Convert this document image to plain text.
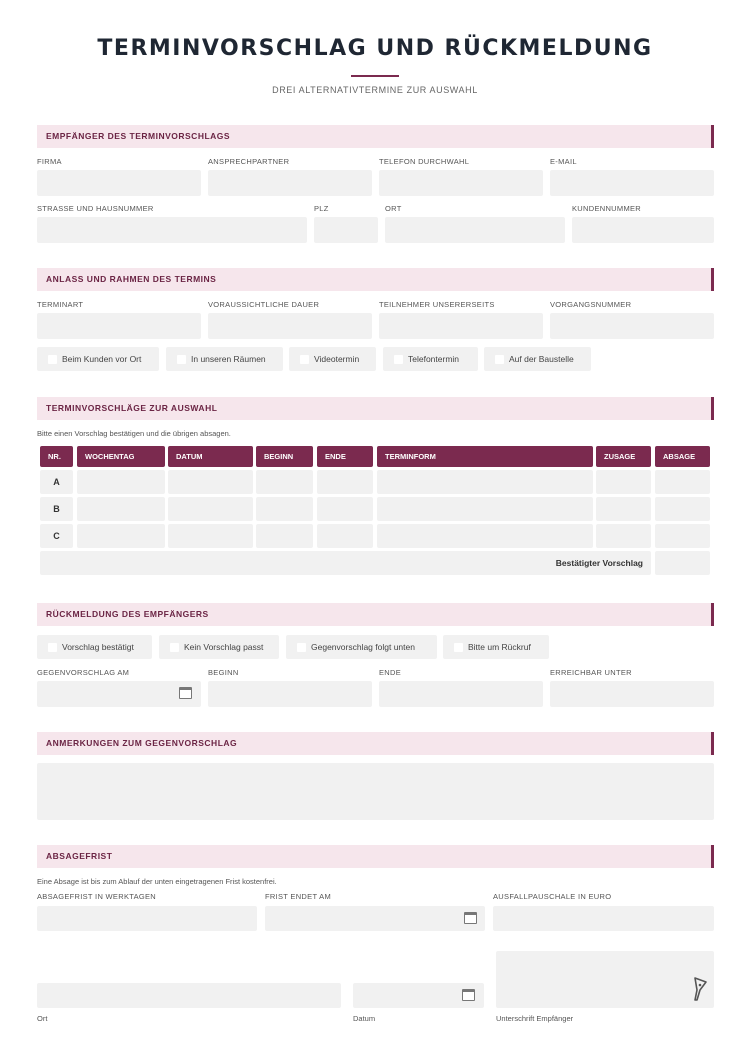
TERMINVORSCHLAG UND RÜCKMELDUNG
DREI ALTERNATIVTERMINE ZUR AUSWAHL
EMPFÄNGER DES TERMINVORSCHLAGS
FIRMA	ANSPRECHPARTNER	TELEFON DURCHWAHL	E-MAIL
STRASSE UND HAUSNUMMER	PLZ	ORT	KUNDENNUMMER
ANLASS UND RAHMEN DES TERMINS
TERMINART	VORAUSSICHTLICHE DAUER	TEILNEHMER UNSERERSEITS	VORGANGSNUMMER
Beim Kunden vor Ort	In unseren Räumen	Videotermin	Telefontermin	Auf der Baustelle
TERMINVORSCHLÄGE ZUR AUSWAHL
Bitte einen Vorschlag bestätigen und die übrigen absagen.
NR.	WOCHENTAG	DATUM	BEGINN	ENDE	TERMINFORM	ZUSAGE	ABSAGE
A
B
C
Bestätigter Vorschlag
RÜCKMELDUNG DES EMPFÄNGERS
Vorschlag bestätigt	Kein Vorschlag passt	Gegenvorschlag folgt unten	Bitte um Rückruf
GEGENVORSCHLAG AM	BEGINN	ENDE	ERREICHBAR UNTER
ANMERKUNGEN ZUM GEGENVORSCHLAG
ABSAGEFRIST
Eine Absage ist bis zum Ablauf der unten eingetragenen Frist kostenfrei.
ABSAGEFRIST IN WERKTAGEN	FRIST ENDET AM	AUSFALLPAUSCHALE IN EURO
Ort	Datum	Unterschrift Empfänger
